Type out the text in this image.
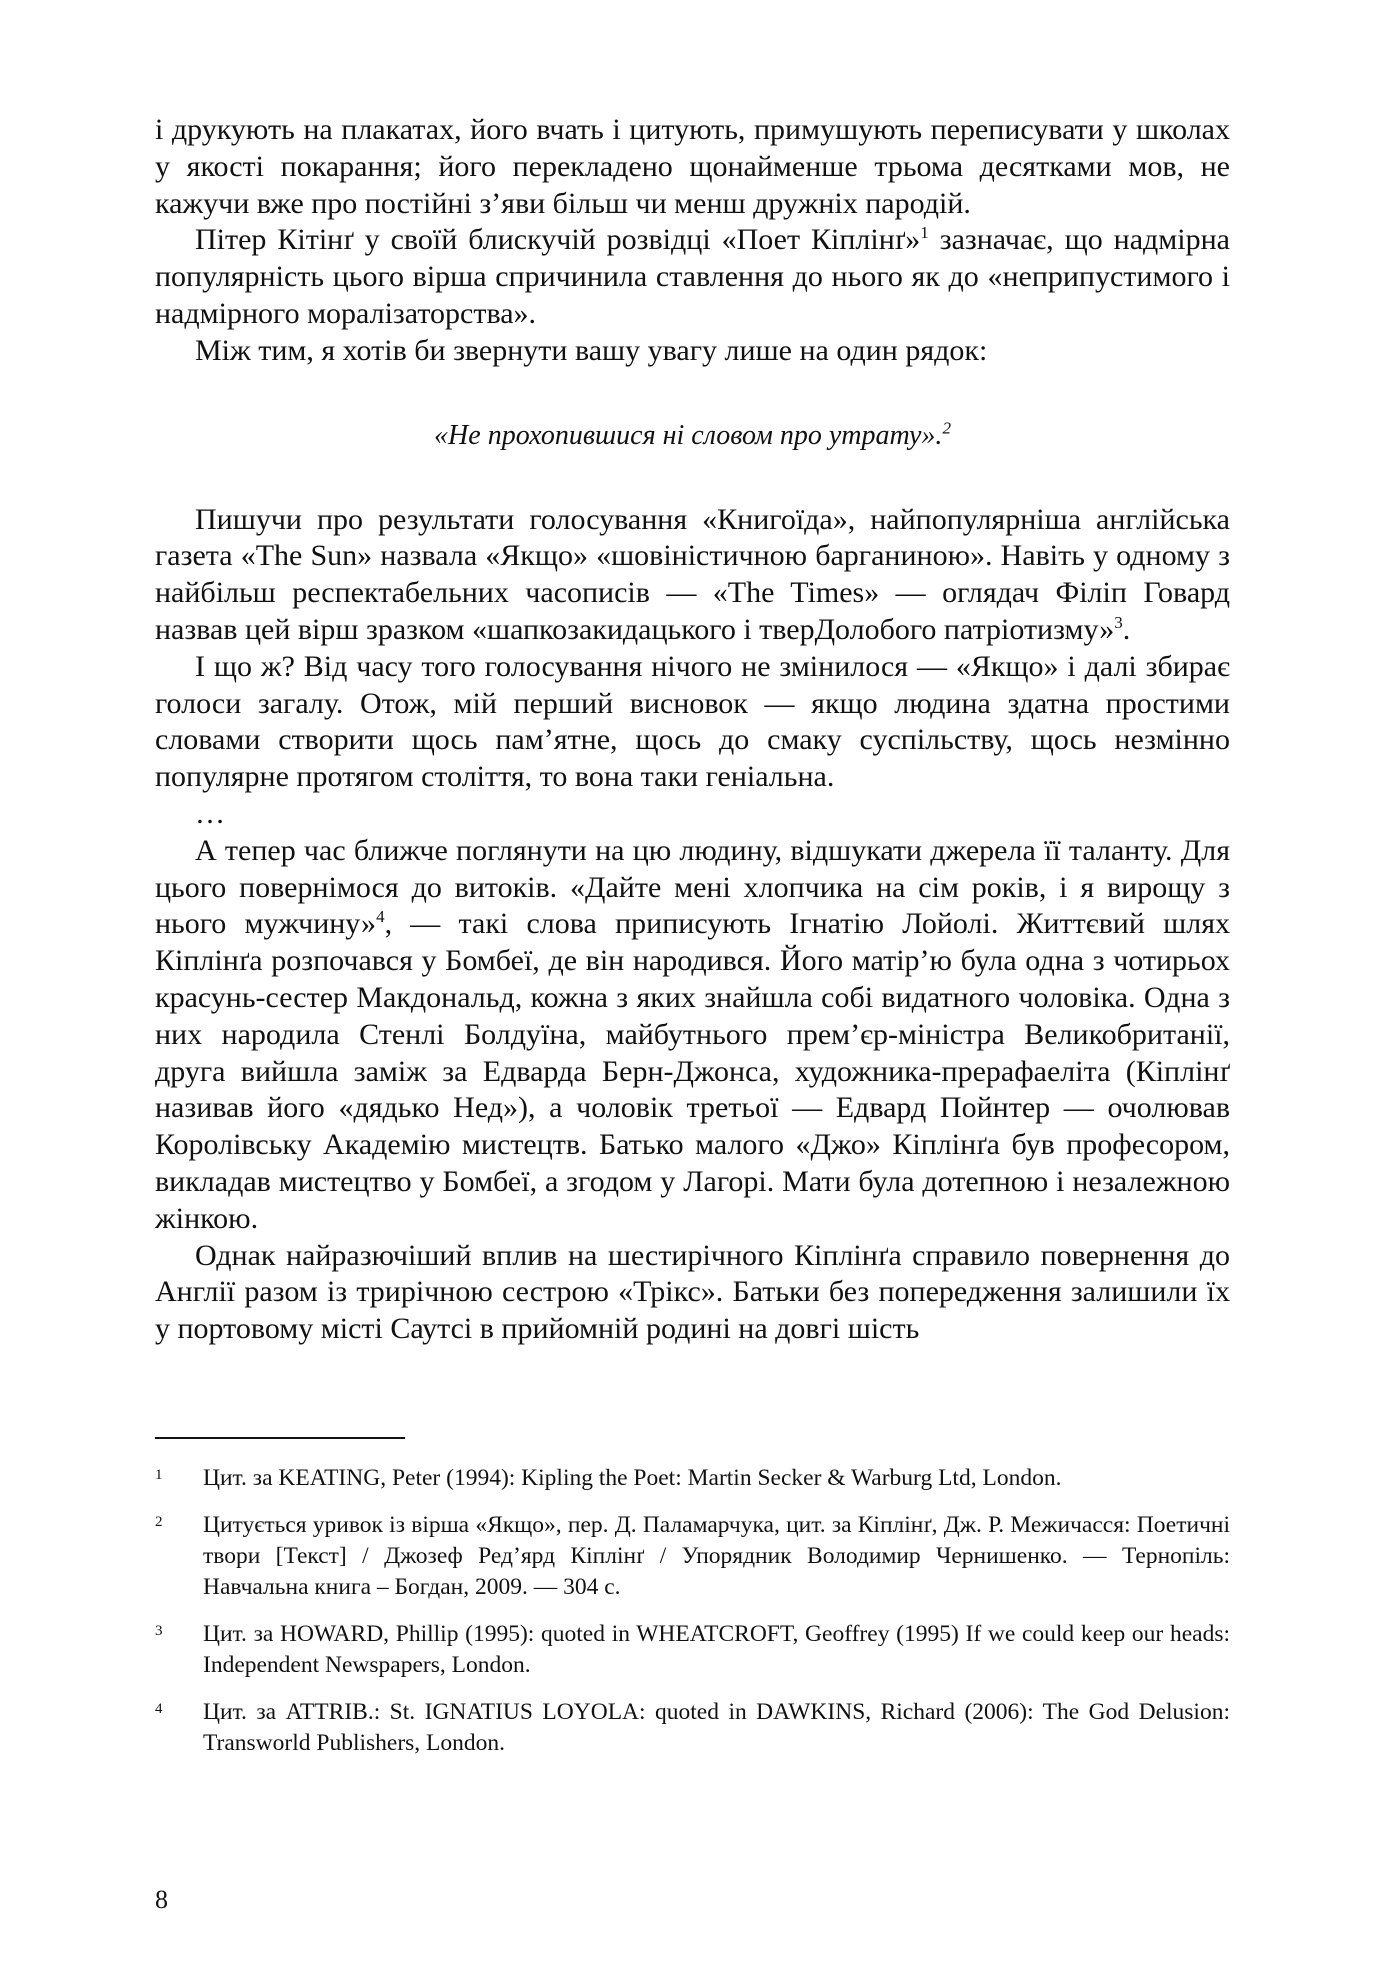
і друкують на плакатах, його вчать і цитують, примушують переписувати у школах у якості покарання; його перекладено щонайменше трьома десятками мов, не кажучи вже про постійні з’яви більш чи менш дружніх пародій.

Пітер Кітінґ у своїй блискучій розвідці «Поет Кіплінґ»$^1$ зазначає, що надмірна популярність цього вірша спричинила ставлення до нього як до «неприпустимого і надмірного моралізаторства».

Між тим, я хотів би звернути вашу увагу лише на один рядок:

«Не прохопившися ні словом про утрату».$^2$

Пишучи про результати голосування «Книгоїда», найпопулярніша англійська газета «The Sun» назвала «Якщо» «шовіністичною барганиною». Навіть у одному з найбільш респектабельних часописів — «The Times» — оглядач Філіп Говард назвав цей вірш зразком «шапкозакидацького і тверДолобого патріотизму»$^3$.

І що ж? Від часу того голосування нічого не змінилося — «Якщо» і далі збирає голоси загалу. Отож, мій перший висновок — якщо людина здатна простими словами створити щось пам’ятне, щось до смаку суспільству, щось незмінно популярне протягом століття, то вона таки геніальна.

…

А тепер час ближче поглянути на цю людину, відшукати джерела її таланту. Для цього повернімося до витоків. «Дайте мені хлопчика на сім років, і я вирощу з нього мужчину»$^4$, — такі слова приписують Ігнатію Лойолі. Життєвий шлях Кіплінґа розпочався у Бомбеї, де він народився. Його матір’ю була одна з чотирьох красунь-сестер Макдональд, кожна з яких знайшла собі видатного чоловіка. Одна з них народила Стенлі Болдуїна, майбутнього прем’єр-міністра Великобританії, друга вийшла заміж за Едварда Берн-Джонса, художника-прерафаеліта (Кіплінґ називав його «дядько Нед»), а чоловік третьої — Едвард Пойнтер — очолював Королівську Академію мистецтв. Батько малого «Джо» Кіплінґа був професором, викладав мистецтво у Бомбеї, а згодом у Лагорі. Мати була дотепною і незалежною жінкою.

Однак найразючіший вплив на шестирічного Кіплінґа справило повернення до Англії разом із трирічною сестрою «Трікс». Батьки без попередження залишили їх у портовому місті Саутсі в прийомній родині на довгі шість

1	Цит. за KEATING, Peter (1994): Kipling the Poet: Martin Secker & Warburg Ltd, London.
2	Цитується уривок із вірша «Якщо», пер. Д. Паламарчука, цит. за Кіплінґ, Дж. Р. Межичасся: Поетичні твори [Текст] / Джозеф Ред’ярд Кіплінґ / Упорядник Володимир Чернишенко. — Тернопіль: Навчальна книга – Богдан, 2009. — 304 с.
3	Цит. за HOWARD, Phillip (1995): quoted in WHEATCROFT, Geoffrey (1995) If we could keep our heads: Independent Newspapers, London.
4	Цит. за ATTRIB.: St. IGNATIUS LOYOLA: quoted in DAWKINS, Richard (2006): The God Delusion: Transworld Publishers, London.
8
